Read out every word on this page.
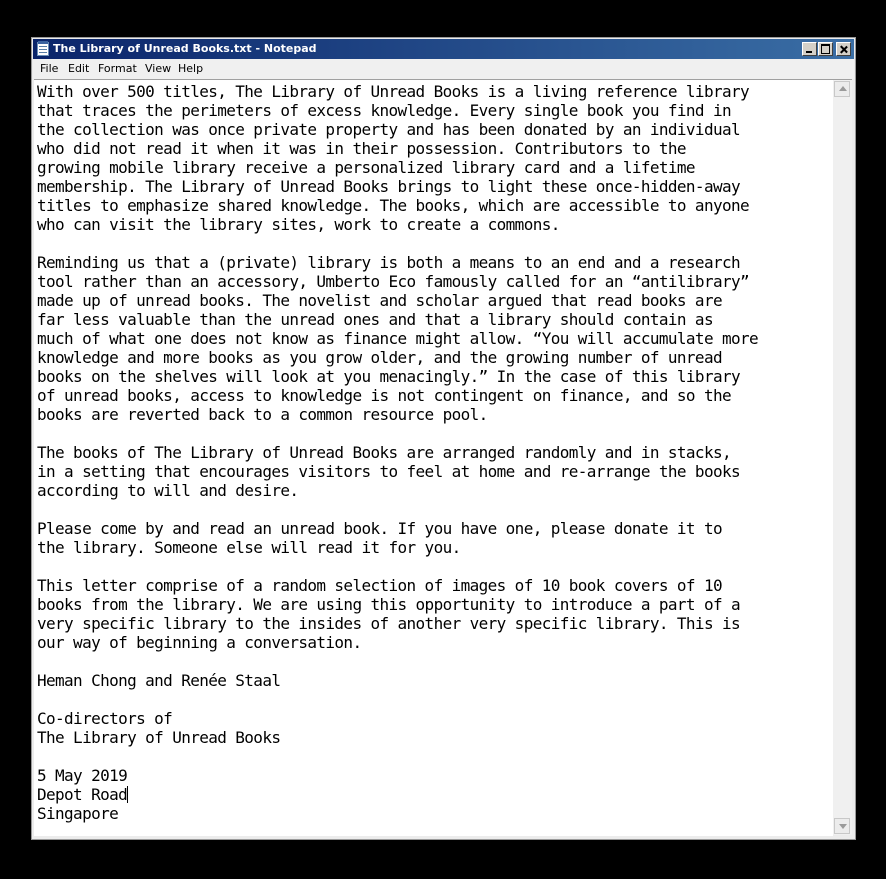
The Library of Unread Books.txt - Notepad
File Edit Format View Help
With over 500 titles, The Library of Unread Books is a living reference library
that traces the perimeters of excess knowledge. Every single book you find in
the collection was once private property and has been donated by an individual
who did not read it when it was in their possession. Contributors to the
growing mobile library receive a personalized library card and a lifetime
membership. The Library of Unread Books brings to light these once-hidden-away
titles to emphasize shared knowledge. The books, which are accessible to anyone
who can visit the library sites, work to create a commons.

Reminding us that a (private) library is both a means to an end and a research
tool rather than an accessory, Umberto Eco famously called for an “antilibrary”
made up of unread books. The novelist and scholar argued that read books are
far less valuable than the unread ones and that a library should contain as
much of what one does not know as finance might allow. “You will accumulate more
knowledge and more books as you grow older, and the growing number of unread
books on the shelves will look at you menacingly.” In the case of this library
of unread books, access to knowledge is not contingent on finance, and so the
books are reverted back to a common resource pool.

The books of The Library of Unread Books are arranged randomly and in stacks,
in a setting that encourages visitors to feel at home and re-arrange the books
according to will and desire.

Please come by and read an unread book. If you have one, please donate it to
the library. Someone else will read it for you.

This letter comprise of a random selection of images of 10 book covers of 10
books from the library. We are using this opportunity to introduce a part of a
very specific library to the insides of another very specific library. This is
our way of beginning a conversation.

Heman Chong and Renée Staal

Co-directors of
The Library of Unread Books

5 May 2019
Depot Road
Singapore
